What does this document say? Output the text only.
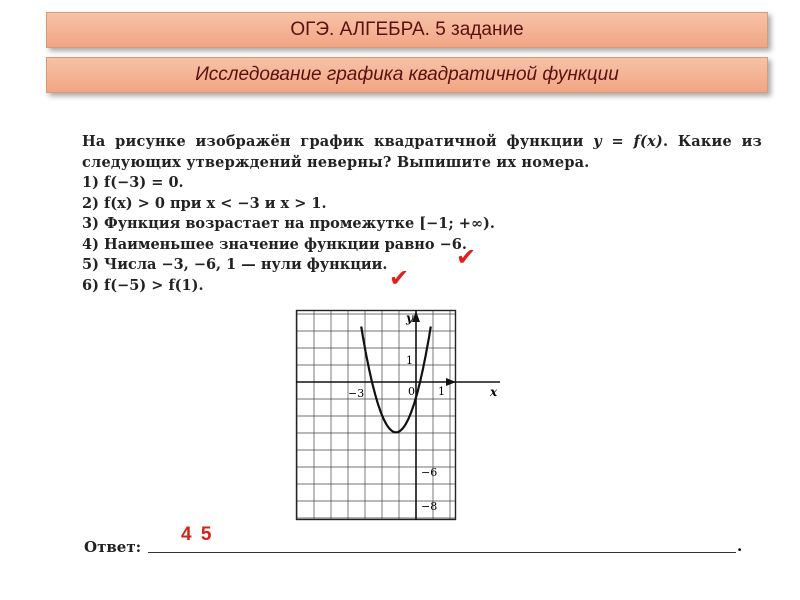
ОГЭ. АЛГЕБРА. 5 задание
Исследование графика квадратичной функции

На рисунке изображён график квадратичной функции y = f(x). Какие из следующих утверждений неверны? Выпишите их номера.

1) f(−3) = 0.

2) f(x) > 0 при x < −3 и x > 1.

3) Функция возрастает на промежутке [−1; +∞).

4) Наименьшее значение функции равно −6.

5) Числа −3, −6, 1 — нули функции.

6) f(−5) > f(1).

✔
✔
y
x
−3	0 1
1
−6
−8
Ответ:	.
4 5
